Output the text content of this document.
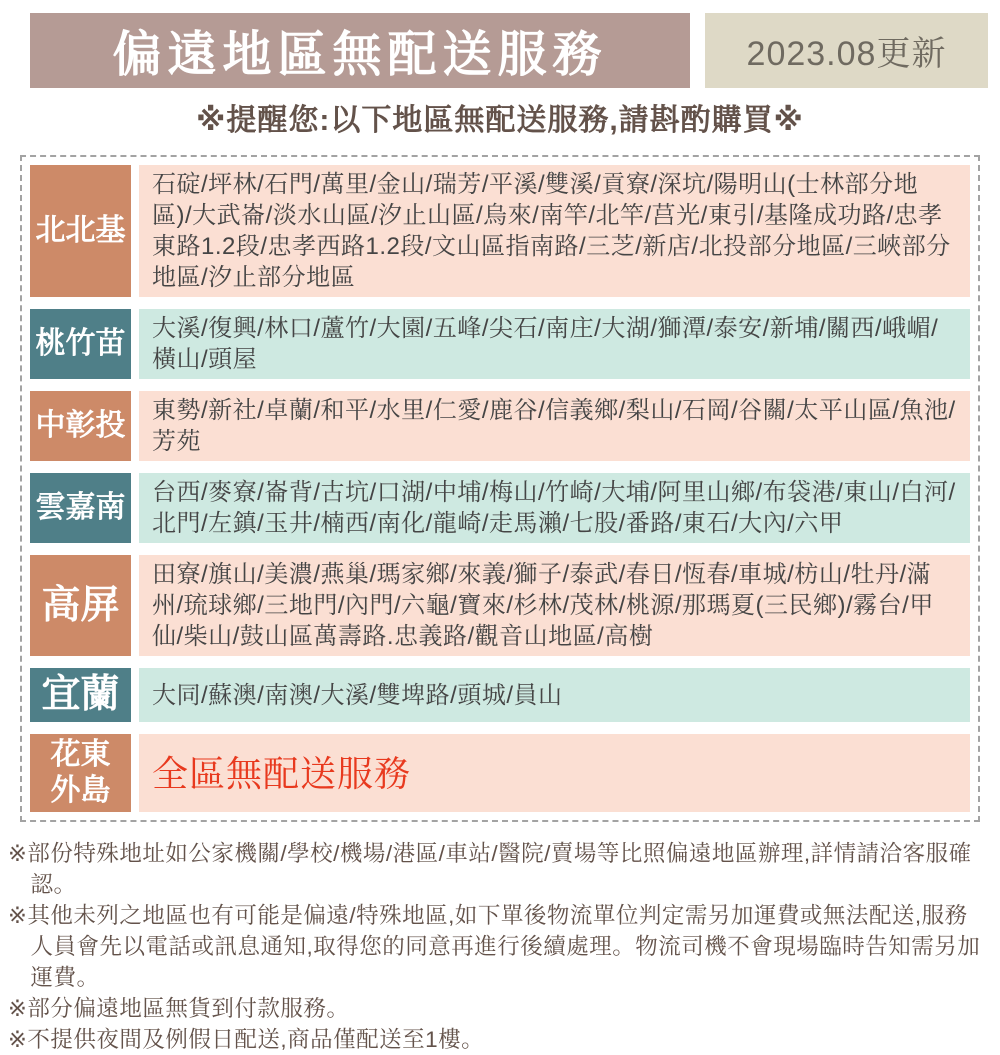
偏遠地區無配送服務	2023.08更新
※提醒您:以下地區無配送服務,請斟酌購買※
北北基
石碇/坪林/石門/萬里/金山/瑞芳/平溪/雙溪/貢寮/深坑/陽明山(士林部分地區)/大武崙/淡水山區/汐止山區/烏來/南竿/北竿/莒光/東引/基隆成功路/忠孝東路1.2段/忠孝西路1.2段/文山區指南路/三芝/新店/北投部分地區/三峽部分地區/汐止部分地區
桃竹苗 大溪/復興/林口/蘆竹/大園/五峰/尖石/南庄/大湖/獅潭/泰安/新埔/關西/峨嵋/橫山/頭屋
中彰投 東勢/新社/卓蘭/和平/水里/仁愛/鹿谷/信義鄉/梨山/石岡/谷關/太平山區/魚池/芳苑
雲嘉南 台西/麥寮/崙背/古坑/口湖/中埔/梅山/竹崎/大埔/阿里山鄉/布袋港/東山/白河/北門/左鎮/玉井/楠西/南化/龍崎/走馬瀨/七股/番路/東石/大內/六甲
高屏
田寮/旗山/美濃/燕巢/瑪家鄉/來義/獅子/泰武/春日/恆春/車城/枋山/牡丹/滿州/琉球鄉/三地門/內門/六龜/寶來/杉林/茂林/桃源/那瑪夏(三民鄉)/霧台/甲仙/柴山/鼓山區萬壽路.忠義路/觀音山地區/高樹
宜蘭 大同/蘇澳/南澳/大溪/雙埤路/頭城/員山
花東
外島 全區無配送服務
※部份特殊地址如公家機關/學校/機場/港區/車站/醫院/賣場等比照偏遠地區辦理,詳情請洽客服確認。
※其他未列之地區也有可能是偏遠/特殊地區,如下單後物流單位判定需另加運費或無法配送,服務人員會先以電話或訊息通知,取得您的同意再進行後續處理。物流司機不會現場臨時告知需另加運費。
※部分偏遠地區無貨到付款服務。
※不提供夜間及例假日配送,商品僅配送至1樓。
